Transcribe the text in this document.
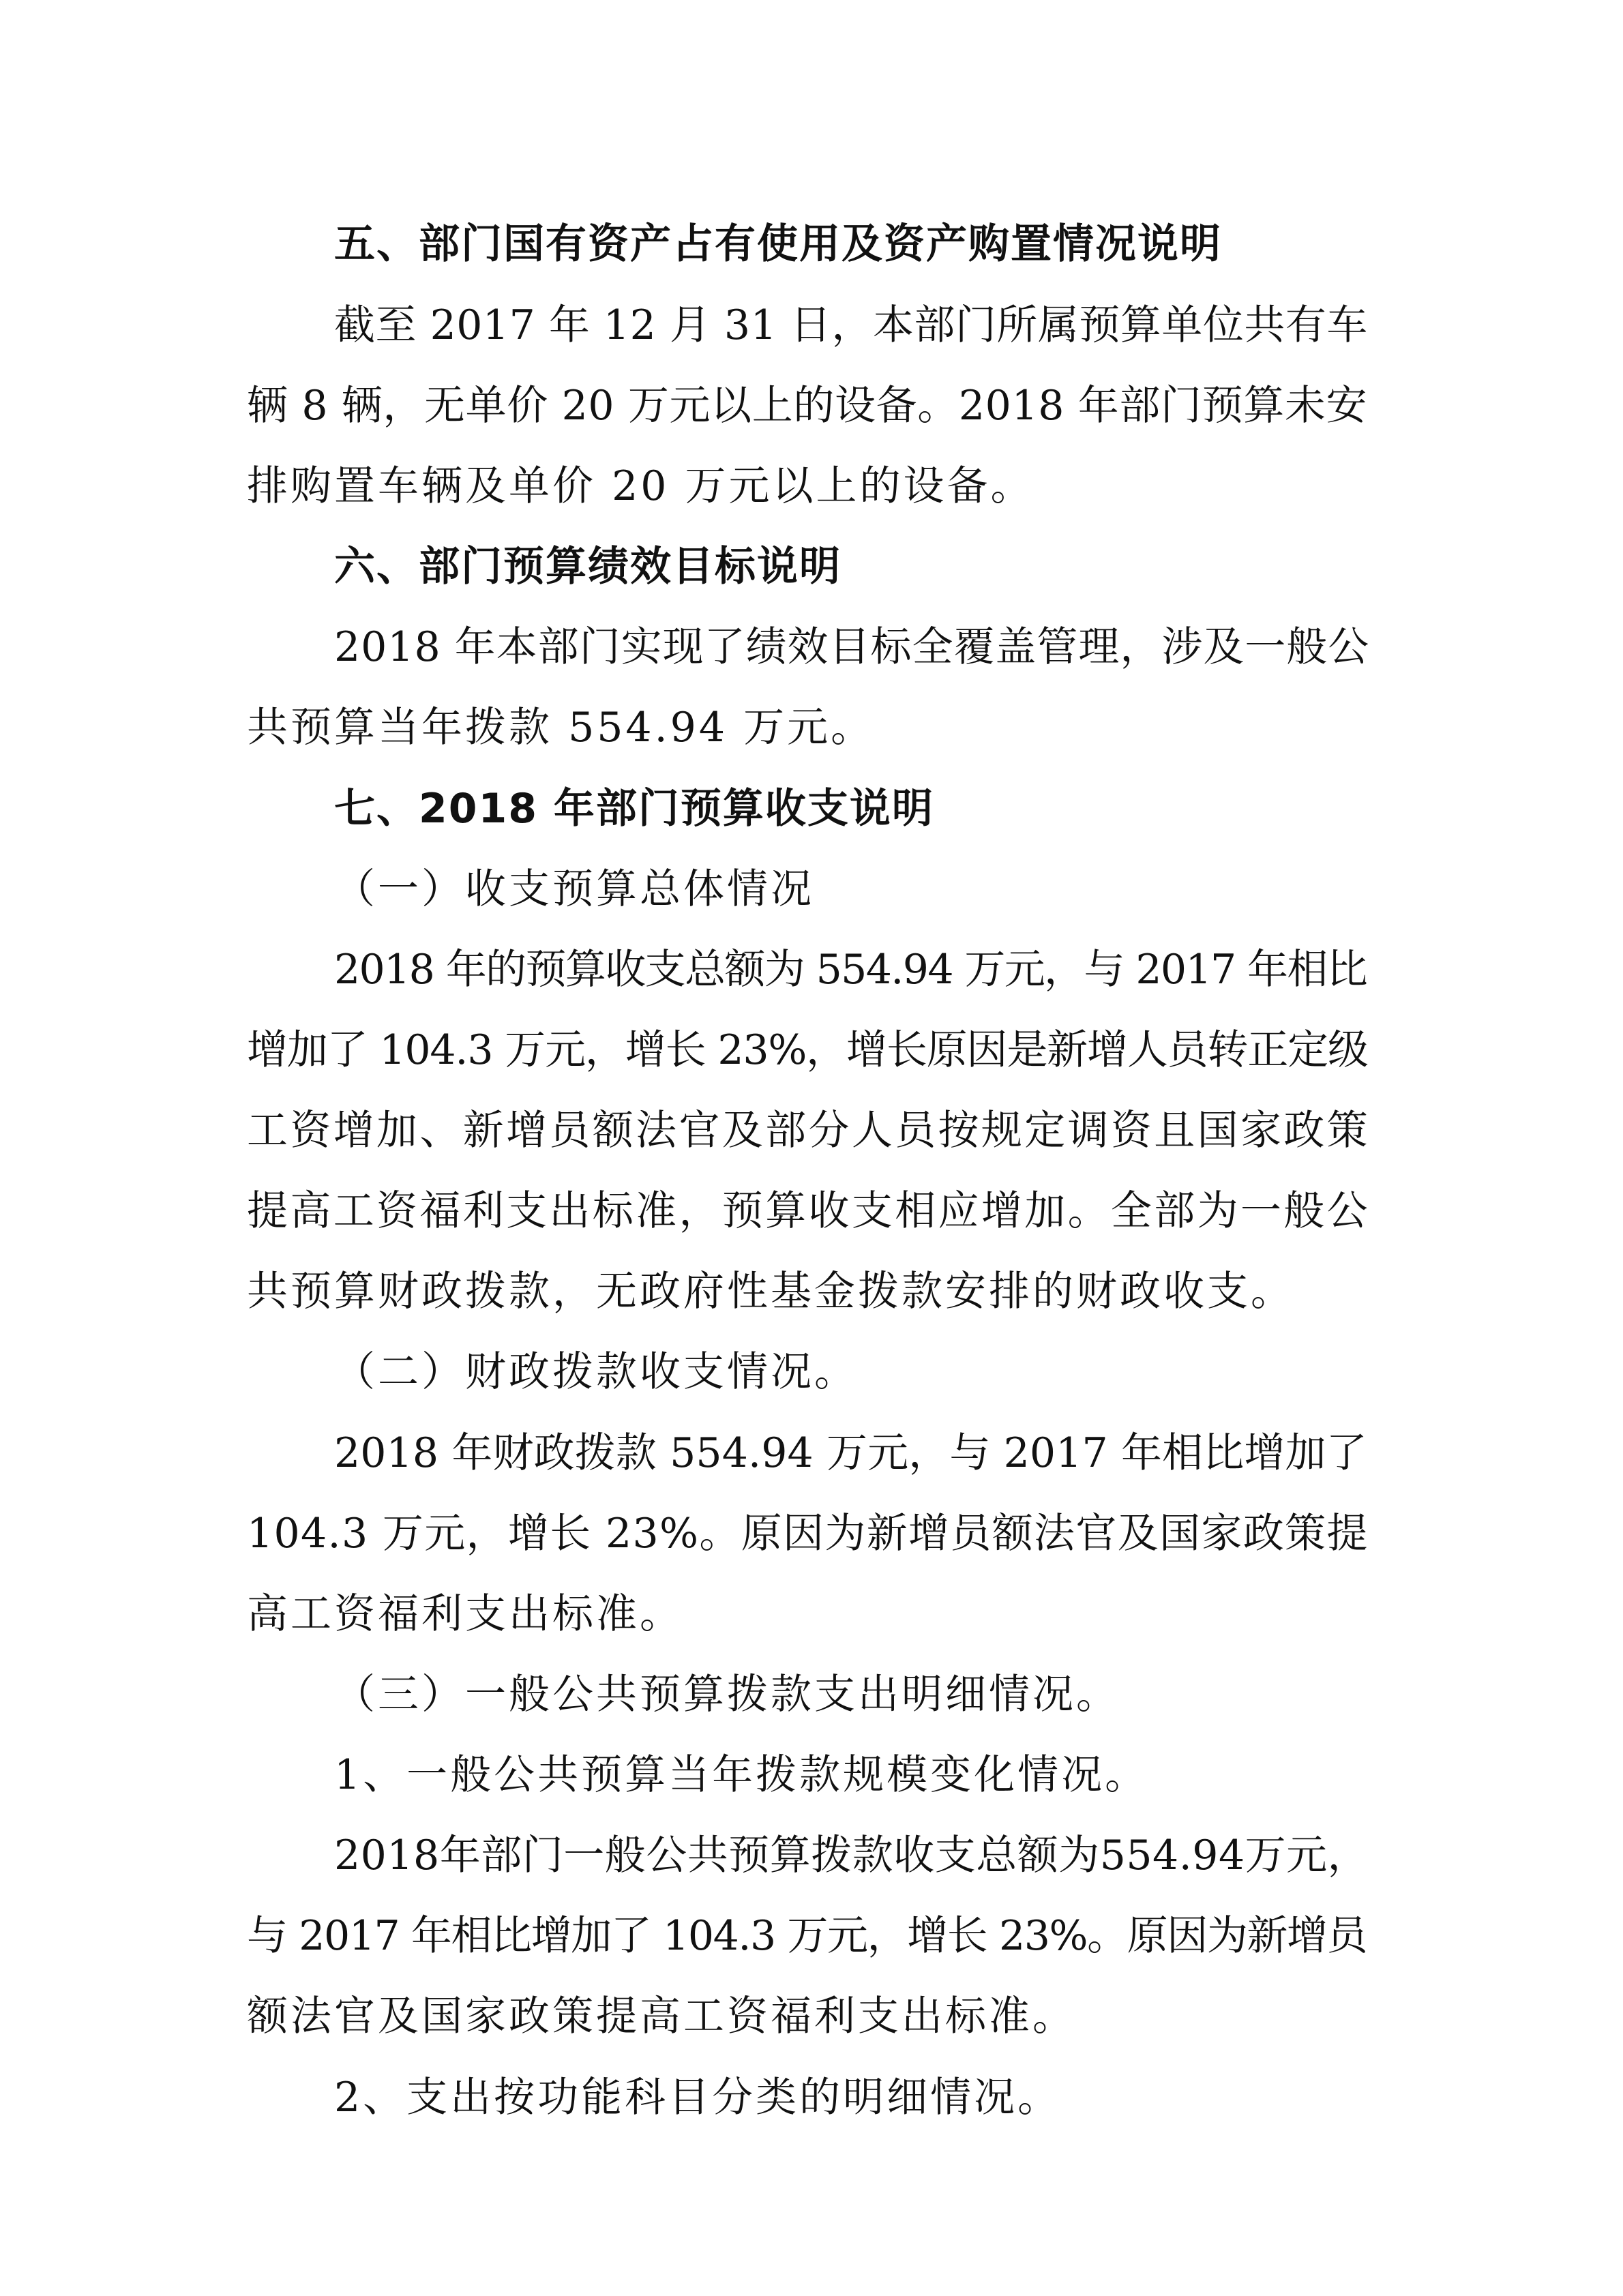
五、部门国有资产占有使用及资产购置情况说明
截至 2017 年 12 月 31 日，本部门所属预算单位共有车
辆 8 辆，无单价 20 万元以上的设备。2018 年部门预算未安
排购置车辆及单价 20 万元以上的设备。
六、部门预算绩效目标说明
2018 年本部门实现了绩效目标全覆盖管理，涉及一般公
共预算当年拨款 554.94 万元。
七、2018 年部门预算收支说明
（一）收支预算总体情况
2018 年的预算收支总额为 554.94 万元，与 2017 年相比
增加了 104.3 万元，增长 23%，增长原因是新增人员转正定级
工资增加、新增员额法官及部分人员按规定调资且国家政策
提高工资福利支出标准，预算收支相应增加。全部为一般公
共预算财政拨款，无政府性基金拨款安排的财政收支。
（二）财政拨款收支情况。
2018 年财政拨款 554.94 万元，与 2017 年相比增加了
104.3 万元，增长 23%。原因为新增员额法官及国家政策提
高工资福利支出标准。
（三）一般公共预算拨款支出明细情况。
1、一般公共预算当年拨款规模变化情况。
2018年部门一般公共预算拨款收支总额为554.94万元，
与 2017 年相比增加了 104.3 万元，增长 23%。原因为新增员
额法官及国家政策提高工资福利支出标准。
2、支出按功能科目分类的明细情况。
